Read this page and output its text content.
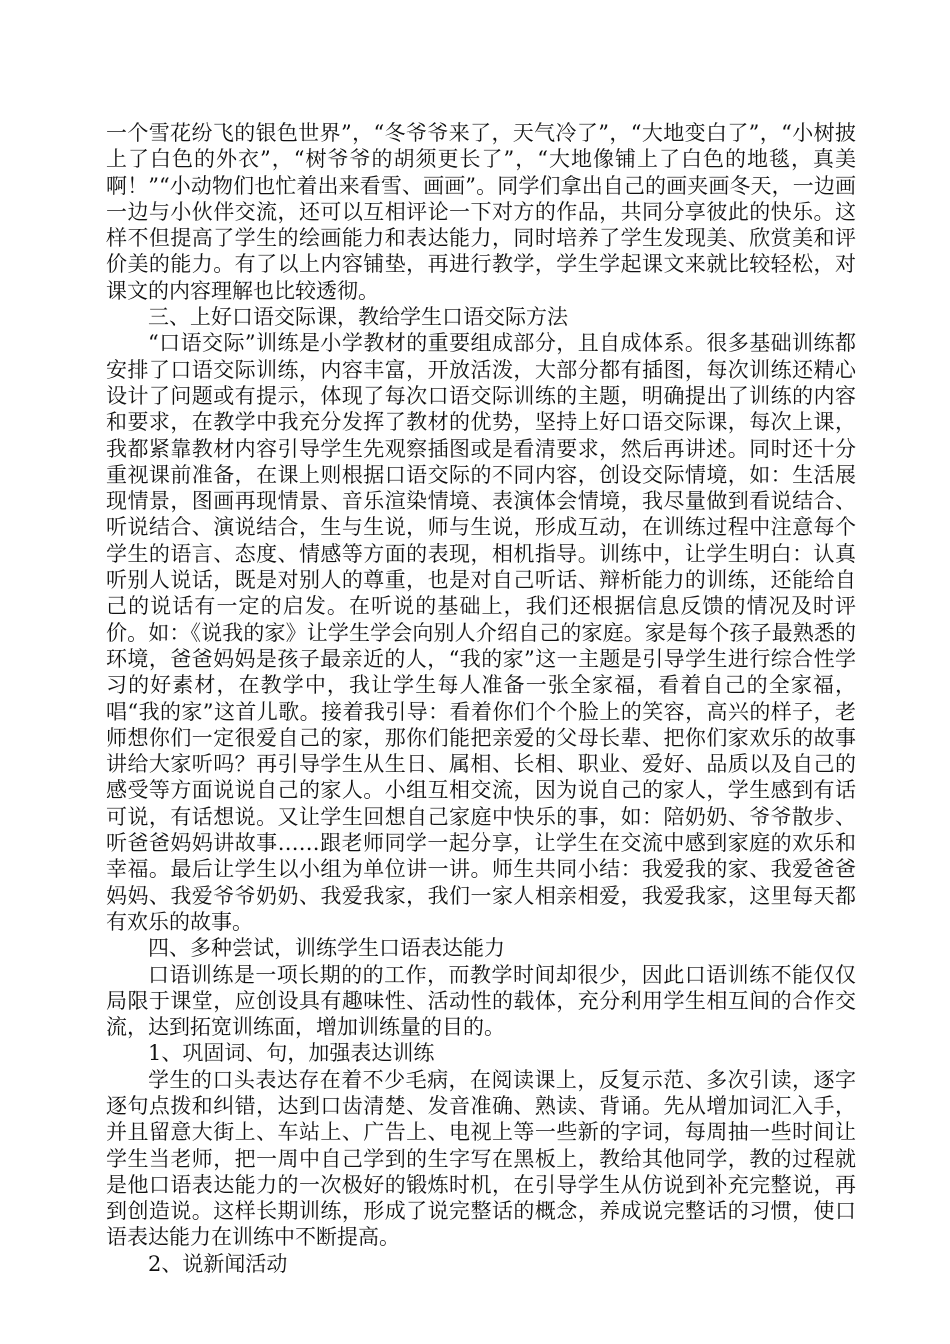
一个雪花纷飞的银色世界”，“冬爷爷来了，天气冷了”，“大地变白了”，“小树披上了白色的外衣”，“树爷爷的胡须更长了”，“大地像铺上了白色的地毯，真美啊！”“小动物们也忙着出来看雪、画画”。同学们拿出自己的画夹画冬天，一边画一边与小伙伴交流，还可以互相评论一下对方的作品，共同分享彼此的快乐。这样不但提高了学生的绘画能力和表达能力，同时培养了学生发现美、欣赏美和评价美的能力。有了以上内容铺垫，再进行教学，学生学起课文来就比较轻松，对课文的内容理解也比较透彻。

三、上好口语交际课，教给学生口语交际方法

“口语交际”训练是小学教材的重要组成部分，且自成体系。很多基础训练都安排了口语交际训练，内容丰富，开放活泼，大部分都有插图，每次训练还精心设计了问题或有提示，体现了每次口语交际训练的主题，明确提出了训练的内容和要求，在教学中我充分发挥了教材的优势，坚持上好口语交际课，每次上课，我都紧靠教材内容引导学生先观察插图或是看清要求，然后再讲述。同时还十分重视课前准备，在课上则根据口语交际的不同内容，创设交际情境，如：生活展现情景，图画再现情景、音乐渲染情境、表演体会情境，我尽量做到看说结合、听说结合、演说结合，生与生说，师与生说，形成互动，在训练过程中注意每个学生的语言、态度、情感等方面的表现，相机指导。训练中，让学生明白：认真听别人说话，既是对别人的尊重，也是对自己听话、辩析能力的训练，还能给自己的说话有一定的启发。在听说的基础上，我们还根据信息反馈的情况及时评价。如：《说我的家》让学生学会向别人介绍自己的家庭。家是每个孩子最熟悉的环境，爸爸妈妈是孩子最亲近的人，“我的家”这一主题是引导学生进行综合性学习的好素材，在教学中，我让学生每人准备一张全家福，看着自己的全家福，唱“我的家”这首儿歌。接着我引导：看着你们个个脸上的笑容，高兴的样子，老师想你们一定很爱自己的家，那你们能把亲爱的父母长辈、把你们家欢乐的故事讲给大家听吗？再引导学生从生日、属相、长相、职业、爱好、品质以及自己的感受等方面说说自己的家人。小组互相交流，因为说自己的家人，学生感到有话可说，有话想说。又让学生回想自己家庭中快乐的事，如：陪奶奶、爷爷散步、听爸爸妈妈讲故事……跟老师同学一起分享，让学生在交流中感到家庭的欢乐和幸福。最后让学生以小组为单位讲一讲。师生共同小结：我爱我的家、我爱爸爸妈妈、我爱爷爷奶奶、我爱我家，我们一家人相亲相爱，我爱我家，这里每天都有欢乐的故事。

四、多种尝试，训练学生口语表达能力

口语训练是一项长期的的工作，而教学时间却很少，因此口语训练不能仅仅局限于课堂，应创设具有趣味性、活动性的载体，充分利用学生相互间的合作交流，达到拓宽训练面，增加训练量的目的。

1、巩固词、句，加强表达训练

学生的口头表达存在着不少毛病，在阅读课上，反复示范、多次引读，逐字逐句点拨和纠错，达到口齿清楚、发音准确、熟读、背诵。先从增加词汇入手，并且留意大街上、车站上、广告上、电视上等一些新的字词，每周抽一些时间让学生当老师，把一周中自己学到的生字写在黑板上，教给其他同学，教的过程就是他口语表达能力的一次极好的锻炼时机，在引导学生从仿说到补充完整说，再到创造说。这样长期训练，形成了说完整话的概念，养成说完整话的习惯，使口语表达能力在训练中不断提高。

2、说新闻活动
